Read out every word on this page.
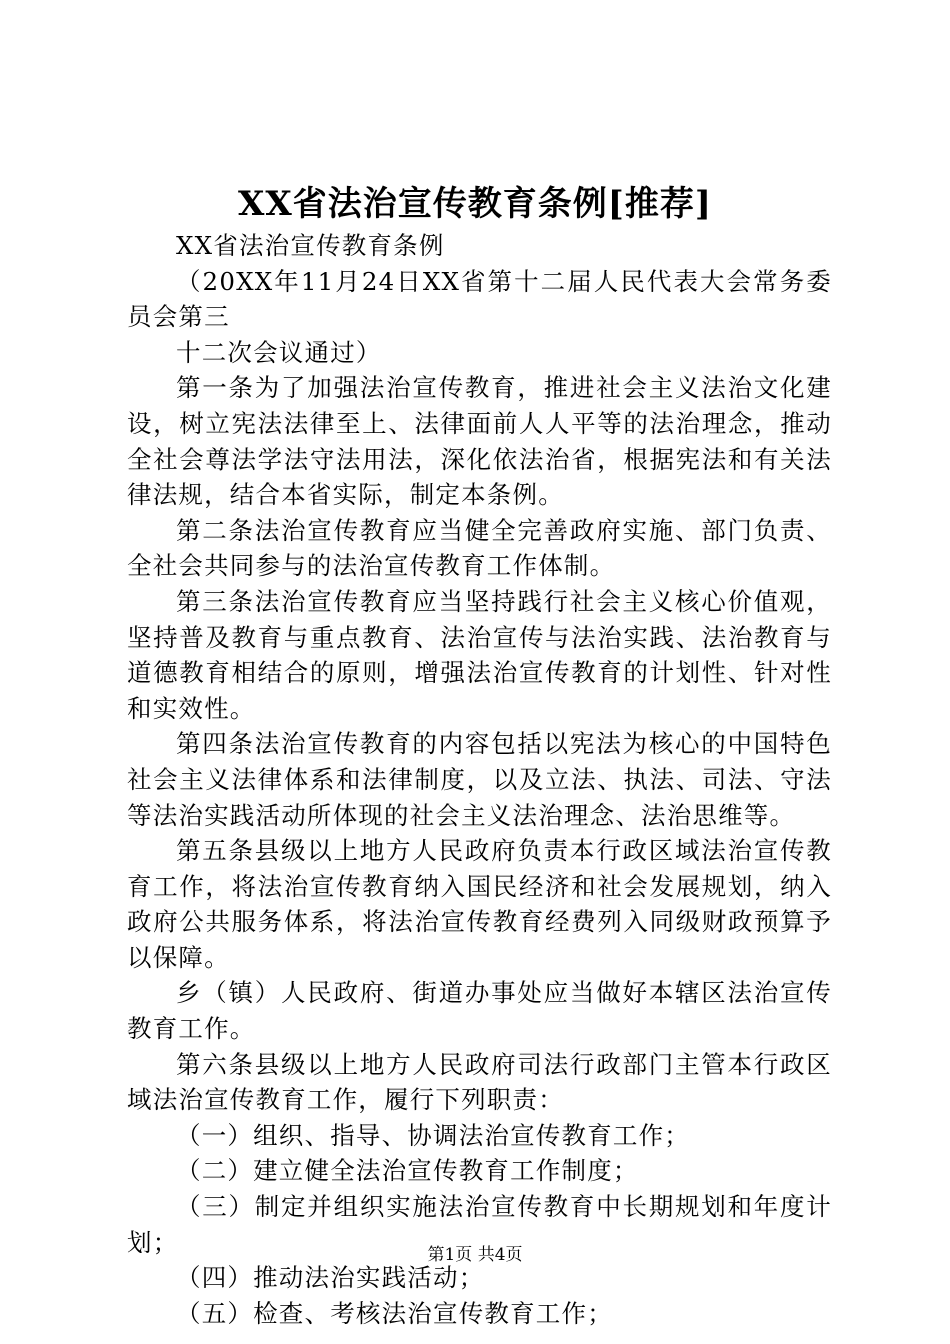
XX省法治宣传教育条例[推荐]

XX省法治宣传教育条例

（20XX年11月24日XX省第十二届人民代表大会常务委员会第三

十二次会议通过）

第一条为了加强法治宣传教育，推进社会主义法治文化建设，树立宪法法律至上、法律面前人人平等的法治理念，推动全社会尊法学法守法用法，深化依法治省，根据宪法和有关法律法规，结合本省实际，制定本条例。

第二条法治宣传教育应当健全完善政府实施、部门负责、全社会共同参与的法治宣传教育工作体制。

第三条法治宣传教育应当坚持践行社会主义核心价值观，坚持普及教育与重点教育、法治宣传与法治实践、法治教育与道德教育相结合的原则，增强法治宣传教育的计划性、针对性和实效性。

第四条法治宣传教育的内容包括以宪法为核心的中国特色社会主义法律体系和法律制度，以及立法、执法、司法、守法等法治实践活动所体现的社会主义法治理念、法治思维等。

第五条县级以上地方人民政府负责本行政区域法治宣传教育工作，将法治宣传教育纳入国民经济和社会发展规划，纳入政府公共服务体系，将法治宣传教育经费列入同级财政预算予以保障。

乡（镇）人民政府、街道办事处应当做好本辖区法治宣传教育工作。

第六条县级以上地方人民政府司法行政部门主管本行政区域法治宣传教育工作，履行下列职责：

（一）组织、指导、协调法治宣传教育工作；

（二）建立健全法治宣传教育工作制度；

（三）制定并组织实施法治宣传教育中长期规划和年度计划；

（四）推动法治实践活动；

（五）检查、考核法治宣传教育工作；

第1页 共4页
